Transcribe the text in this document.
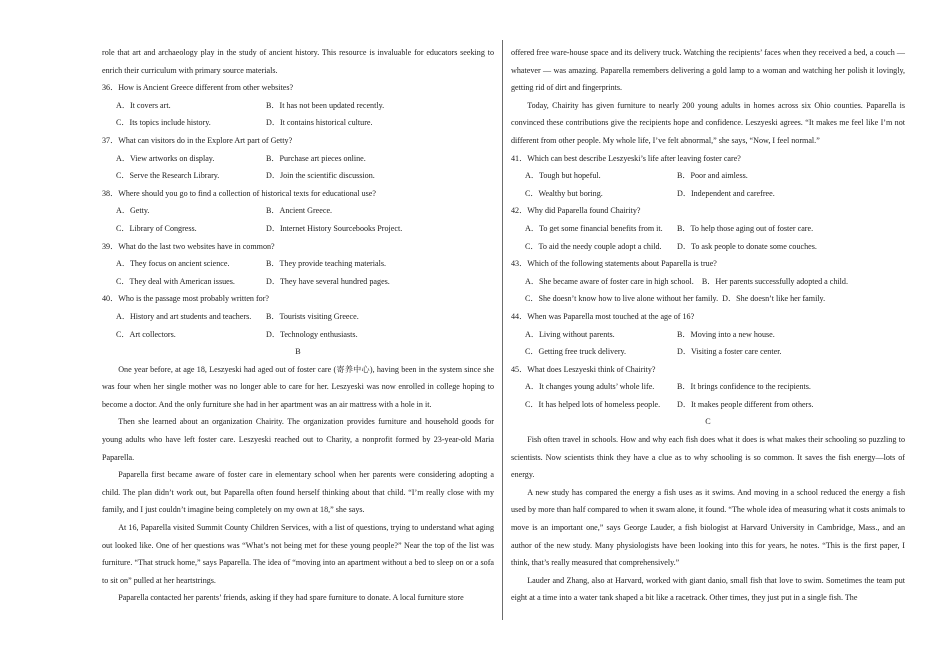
role that art and archaeology play in the study of ancient history. This resource is invaluable for educators seeking to enrich their curriculum with primary source materials.

36．How is Ancient Greece different from other websites?

A．It covers art.	B．It has not been updated recently.
C．Its topics include history.	D．It contains historical culture.

37．What can visitors do in the Explore Art part of Getty?

A．View artworks on display.	B．Purchase art pieces online.
C．Serve the Research Library.	D．Join the scientific discussion.

38．Where should you go to find a collection of historical texts for educational use?

A．Getty.	B．Ancient Greece.
C．Library of Congress.	D．Internet History Sourcebooks Project.

39．What do the last two websites have in common?

A．They focus on ancient science.	B．They provide teaching materials.
C．They deal with American issues.	D．They have several hundred pages.

40．Who is the passage most probably written for?

A．History and art students and teachers.	B．Tourists visiting Greece.
C．Art collectors.	D．Technology enthusiasts.

B

One year before, at age 18, Leszyeski had aged out of foster care (寄养中心), having been in the system since she was four when her single mother was no longer able to care for her. Leszyeski was now enrolled in college hoping to become a doctor. And the only furniture she had in her apartment was an air mattress with a hole in it.

Then she learned about an organization Chairity. The organization provides furniture and household goods for young adults who have left foster care. Leszyeski reached out to Charity, a nonprofit formed by 23-year-old Maria Paparella.

Paparella first became aware of foster care in elementary school when her parents were considering adopting a child. The plan didn’t work out, but Paparella often found herself thinking about that child. “I’m really close with my family, and I just couldn’t imagine being completely on my own at 18,” she says.

At 16, Paparella visited Summit County Children Services, with a list of questions, trying to understand what aging out looked like. One of her questions was “What’s not being met for these young people?” Near the top of the list was furniture. “That struck home,” says Paparella. The idea of “moving into an apartment without a bed to sleep on or a sofa to sit on” pulled at her heartstrings.

Paparella contacted her parents’ friends, asking if they had spare furniture to donate. A local furniture store

offered free ware-house space and its delivery truck. Watching the recipients’ faces when they received a bed, a couch — whatever — was amazing. Paparella remembers delivering a gold lamp to a woman and watching her polish it lovingly, getting rid of dirt and fingerprints.

Today, Chairity has given furniture to nearly 200 young adults in homes across six Ohio counties. Paparella is convinced these contributions give the recipients hope and confidence. Leszyeski agrees. “It makes me feel like I’m not different from other people. My whole life, I’ve felt abnormal,” she says, “Now, I feel normal.”

41．Which can best describe Leszyeski’s life after leaving foster care?

A．Tough but hopeful.	B．Poor and aimless.
C．Wealthy but boring.	D．Independent and carefree.

42．Why did Paparella found Chairity?

A．To get some financial benefits from it.	B．To help those aging out of foster care.
C．To aid the needy couple adopt a child.	D．To ask people to donate some couches.

43．Which of the following statements about Paparella is true?

A．She became aware of foster care in high school. B．Her parents successfully adopted a child.
C．She doesn’t know how to live alone without her family. D．She doesn’t like her family.

44．When was Paparella most touched at the age of 16?

A．Living without parents.	B．Moving into a new house.
C．Getting free truck delivery.	D．Visiting a foster care center.

45．What does Leszyeski think of Chairity?

A．It changes young adults’ whole life.	B．It brings confidence to the recipients.
C．It has helped lots of homeless people.	D．It makes people different from others.

C

Fish often travel in schools. How and why each fish does what it does is what makes their schooling so puzzling to scientists. Now scientists think they have a clue as to why schooling is so common. It saves the fish energy—lots of energy.

A new study has compared the energy a fish uses as it swims. And moving in a school reduced the energy a fish used by more than half compared to when it swam alone, it found. “The whole idea of measuring what it costs animals to move is an important one,” says George Lauder, a fish biologist at Harvard University in Cambridge, Mass., and an author of the new study. Many physiologists have been looking into this for years, he notes. “This is the first paper, I think, that’s really measured that comprehensively.”

Lauder and Zhang, also at Harvard, worked with giant danio, small fish that love to swim. Sometimes the team put eight at a time into a water tank shaped a bit like a racetrack. Other times, they just put in a single fish. The
